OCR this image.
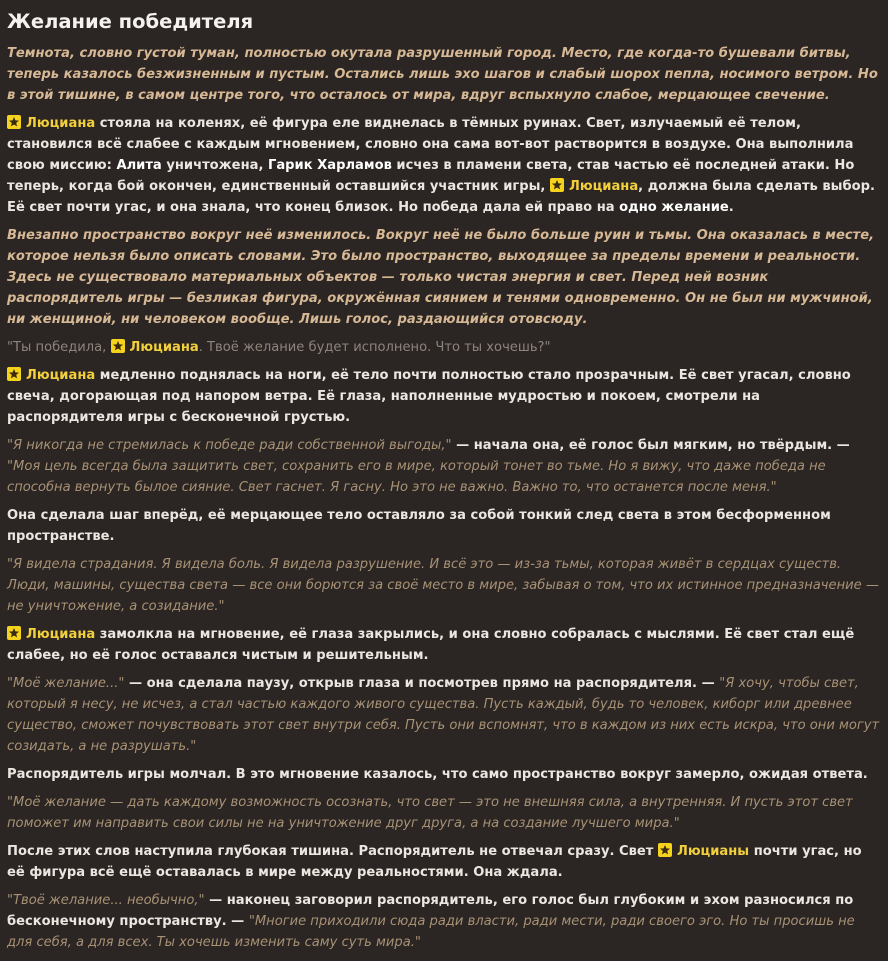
Желание победителя

Темнота, словно густой туман, полностью окутала разрушенный город. Место, где когда-то бушевали битвы, теперь казалось безжизненным и пустым. Остались лишь эхо шагов и слабый шорох пепла, носимого ветром. Но в этой тишине, в самом центре того, что осталось от мира, вдруг вспыхнуло слабое, мерцающее свечение.

Люциана стояла на коленях, её фигура еле виднелась в тёмных руинах. Свет, излучаемый её телом, становился всё слабее с каждым мгновением, словно она сама вот-вот растворится в воздухе. Она выполнила свою миссию: Алита уничтожена, Гарик Харламов исчез в пламени света, став частью её последней атаки. Но теперь, когда бой окончен, единственный оставшийся участник игры, Люциана, должна была сделать выбор. Её свет почти угас, и она знала, что конец близок. Но победа дала ей право на одно желание.

Внезапно пространство вокруг неё изменилось. Вокруг неё не было больше руин и тьмы. Она оказалась в месте, которое нельзя было описать словами. Это было пространство, выходящее за пределы времени и реальности. Здесь не существовало материальных объектов — только чистая энергия и свет. Перед ней возник распорядитель игры — безликая фигура, окружённая сиянием и тенями одновременно. Он не был ни мужчиной, ни женщиной, ни человеком вообще. Лишь голос, раздающийся отовсюду.

"Ты победила, Люциана. Твоё желание будет исполнено. Что ты хочешь?"

Люциана медленно поднялась на ноги, её тело почти полностью стало прозрачным. Её свет угасал, словно свеча, догорающая под напором ветра. Её глаза, наполненные мудростью и покоем, смотрели на распорядителя игры с бесконечной грустью.

"Я никогда не стремилась к победе ради собственной выгоды," — начала она, её голос был мягким, но твёрдым. — "Моя цель всегда была защитить свет, сохранить его в мире, который тонет во тьме. Но я вижу, что даже победа не способна вернуть былое сияние. Свет гаснет. Я гасну. Но это не важно. Важно то, что останется после меня."

Она сделала шаг вперёд, её мерцающее тело оставляло за собой тонкий след света в этом бесформенном пространстве.

"Я видела страдания. Я видела боль. Я видела разрушение. И всё это — из-за тьмы, которая живёт в сердцах существ. Люди, машины, существа света — все они борются за своё место в мире, забывая о том, что их истинное предназначение — не уничтожение, а созидание."

Люциана замолкла на мгновение, её глаза закрылись, и она словно собралась с мыслями. Её свет стал ещё слабее, но её голос оставался чистым и решительным.

"Моё желание..." — она сделала паузу, открыв глаза и посмотрев прямо на распорядителя. — "Я хочу, чтобы свет, который я несу, не исчез, а стал частью каждого живого существа. Пусть каждый, будь то человек, киборг или древнее существо, сможет почувствовать этот свет внутри себя. Пусть они вспомнят, что в каждом из них есть искра, что они могут созидать, а не разрушать."

Распорядитель игры молчал. В это мгновение казалось, что само пространство вокруг замерло, ожидая ответа.

"Моё желание — дать каждому возможность осознать, что свет — это не внешняя сила, а внутренняя. И пусть этот свет поможет им направить свои силы не на уничтожение друг друга, а на создание лучшего мира."

После этих слов наступила глубокая тишина. Распорядитель не отвечал сразу. Свет Люцианы почти угас, но её фигура всё ещё оставалась в мире между реальностями. Она ждала.

"Твоё желание... необычно," — наконец заговорил распорядитель, его голос был глубоким и эхом разносился по бесконечному пространству. — "Многие приходили сюда ради власти, ради мести, ради своего эго. Но ты просишь не для себя, а для всех. Ты хочешь изменить саму суть мира."
